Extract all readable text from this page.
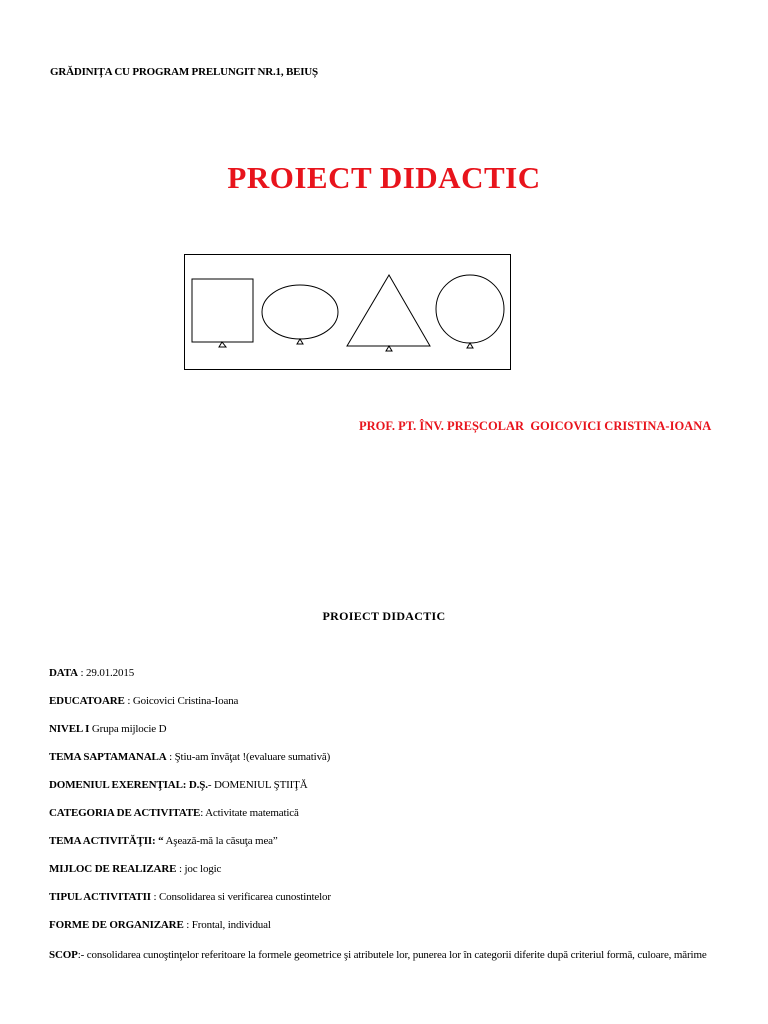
GRĂDINIȚA CU PROGRAM PRELUNGIT NR.1, BEIUȘ
PROIECT DIDACTIC
PROF. PT. ÎNV. PREȘCOLAR  GOICOVICI CRISTINA-IOANA
PROIECT DIDACTIC
DATA : 29.01.2015
EDUCATOARE : Goicovici Cristina-Ioana
NIVEL I Grupa mijlocie D
TEMA SAPTAMANALA : Ştiu-am învăţat !(evaluare sumativă)
DOMENIUL EXERENŢIAL: D.Ş.- DOMENIUL ŞTIIŢĂ
CATEGORIA DE ACTIVITATE: Activitate matematică
TEMA ACTIVITĂŢII: “ Aşează-mă la căsuţa mea”
MIJLOC DE REALIZARE : joc logic
TIPUL ACTIVITATII : Consolidarea si verificarea cunostintelor
FORME DE ORGANIZARE : Frontal, individual
SCOP:- consolidarea cunoştinţelor referitoare la formele geometrice şi atributele lor, punerea lor în categorii diferite după criteriul formă, culoare, mărime
